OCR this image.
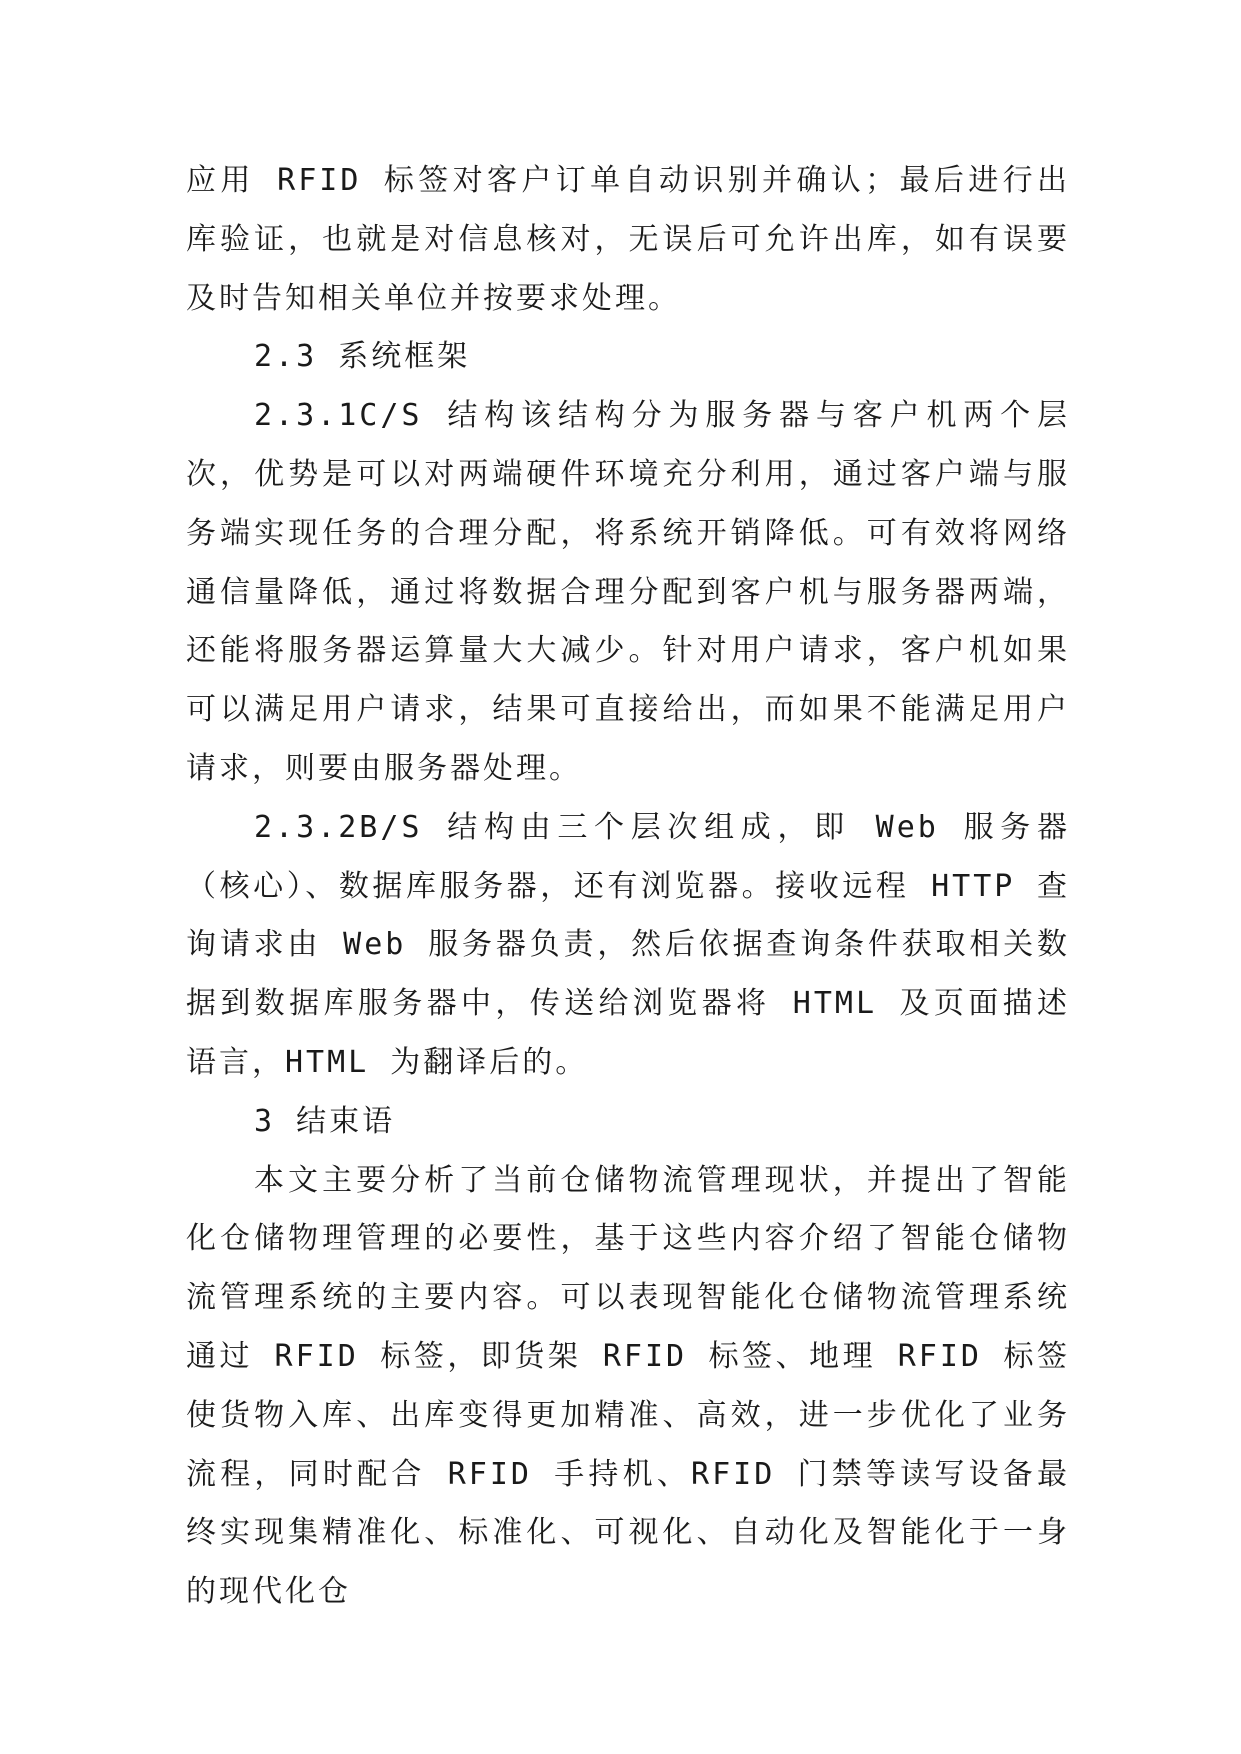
应用 RFID 标签对客户订单自动识别并确认；最后进行出库验证，也就是对信息核对，无误后可允许出库，如有误要及时告知相关单位并按要求处理。

2.3 系统框架

2.3.1C/S 结构该结构分为服务器与客户机两个层次，优势是可以对两端硬件环境充分利用，通过客户端与服务端实现任务的合理分配，将系统开销降低。可有效将网络通信量降低，通过将数据合理分配到客户机与服务器两端，还能将服务器运算量大大减少。针对用户请求，客户机如果可以满足用户请求，结果可直接给出，而如果不能满足用户请求，则要由服务器处理。

2.3.2B/S 结构由三个层次组成，即 Web 服务器（核心）、数据库服务器，还有浏览器。接收远程 HTTP 查询请求由 Web 服务器负责，然后依据查询条件获取相关数据到数据库服务器中，传送给浏览器将 HTML 及页面描述语言，HTML 为翻译后的。

3 结束语

本文主要分析了当前仓储物流管理现状，并提出了智能化仓储物理管理的必要性，基于这些内容介绍了智能仓储物流管理系统的主要内容。可以表现智能化仓储物流管理系统通过 RFID 标签，即货架 RFID 标签、地理 RFID 标签使货物入库、出库变得更加精准、高效，进一步优化了业务流程，同时配合 RFID 手持机、RFID 门禁等读写设备最终实现集精准化、标准化、可视化、自动化及智能化于一身的现代化仓
